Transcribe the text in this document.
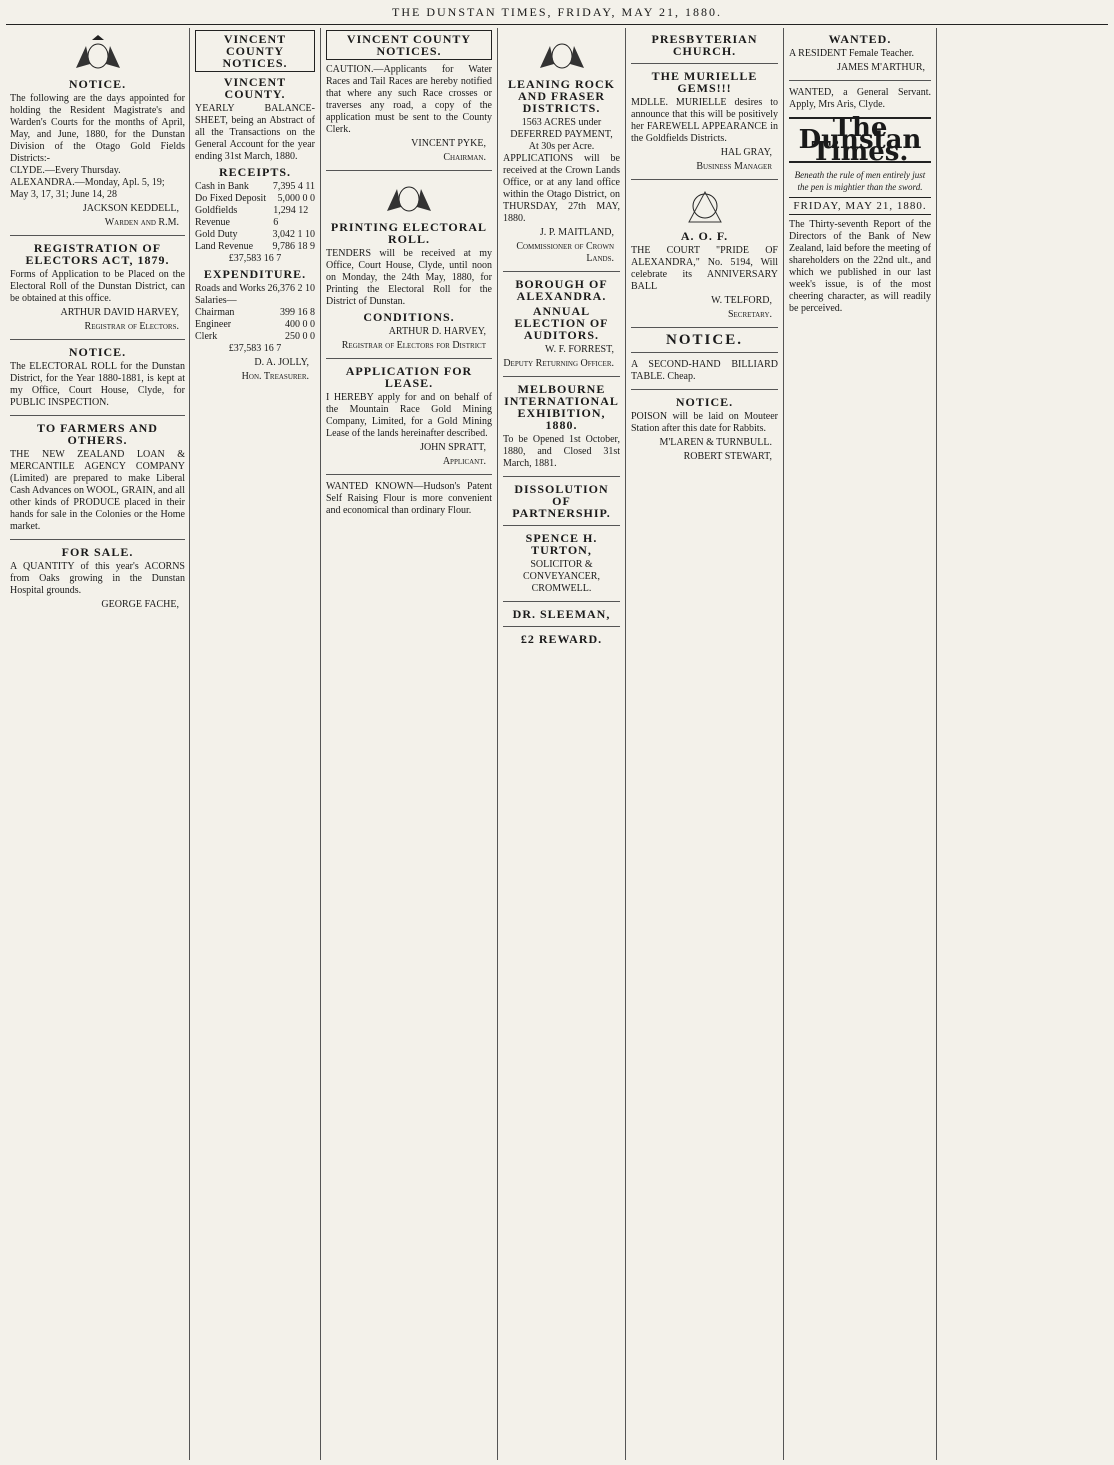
THE DUNSTAN TIMES, FRIDAY, MAY 21, 1880.
NOTICE.
The following are the days appointed for holding the Resident Magistrate's and Warden's Courts for the months of April, May, and June, 1880, for the Dunstan Division of the Otago Gold Fields Districts:-
CLYDE.—Every Thursday.
ALEXANDRA.—Monday, Apl. 5, 19; May 3, 17, 31; June 14, 28
JACKSON KEDDELL,
Warden and R.M.
REGISTRATION OF ELECTORS ACT, 1879.
Forms of Application to be Placed on the Electoral Roll of the Dunstan District, can be obtained at this office.
ARTHUR DAVID HARVEY,
Registrar of Electors.
NOTICE.
The ELECTORAL ROLL for the Dunstan District, for the Year 1880-1881, is kept at my Office, Court House, Clyde, for PUBLIC INSPECTION.
TO FARMERS AND OTHERS.
THE NEW ZEALAND LOAN & MERCANTILE AGENCY COMPANY (Limited) are prepared to make Liberal Cash Advances on WOOL, GRAIN, and all other kinds of PRODUCE placed in their hands for sale in the Colonies or the Home market.
FOR SALE.
A QUANTITY of this year's ACORNS from Oaks growing in the Dunstan Hospital grounds.
GEORGE FACHE,
VINCENT COUNTY NOTICES.
VINCENT COUNTY.
YEARLY BALANCE-SHEET, being an Abstract of all the Transactions on the General Account for the year ending 31st March, 1880.
RECEIPTS.
Cash in Bank 7,395 4 11
Do Fixed Deposit 5,000 0 0
Goldfields Revenue
1,294 12 6
Gold Duty	3,042 1 10
Land Revenue 9,786 18 9
£37,583 16 7
EXPENDITURE.
Roads and Works 26,376 2 10
Salaries—
Chairman	399 16 8
Engineer	400 0 0
Clerk	250 0 0
£37,583 16 7
D. A. JOLLY,
Hon. Treasurer.
VINCENT COUNTY NOTICES.
CAUTION.—Applicants for Water Races and Tail Races are hereby notified that where any such Race crosses or traverses any road, a copy of the application must be sent to the County Clerk.
VINCENT PYKE,
Chairman.
PRINTING ELECTORAL ROLL.
TENDERS will be received at my Office, Court House, Clyde, until noon on Monday, the 24th May, 1880, for Printing the Electoral Roll for the District of Dunstan.
CONDITIONS.
ARTHUR D. HARVEY,
Registrar of Electors for District
APPLICATION FOR LEASE.
I HEREBY apply for and on behalf of the Mountain Race Gold Mining Company, Limited, for a Gold Mining Lease of the lands hereinafter described.
JOHN SPRATT,
Applicant.
WANTED KNOWN—Hudson's Patent Self Raising Flour is more convenient and economical than ordinary Flour.
LEANING ROCK AND FRASER DISTRICTS.
1563 ACRES under DEFERRED PAYMENT,
At 30s per Acre.
APPLICATIONS will be received at the Crown Lands Office, or at any land office within the Otago District, on THURSDAY, 27th MAY, 1880.
J. P. MAITLAND,
Commissioner of Crown Lands.
BOROUGH OF ALEXANDRA.
ANNUAL ELECTION OF AUDITORS.
W. F. FORREST,
Deputy Returning Officer.
MELBOURNE INTERNATIONAL EXHIBITION, 1880.
To be Opened 1st October, 1880, and Closed 31st March, 1881.
DISSOLUTION OF PARTNERSHIP.
SPENCE H. TURTON,
SOLICITOR & CONVEYANCER, CROMWELL.
DR. SLEEMAN,
£2 REWARD.
PRESBYTERIAN CHURCH.
THE MURIELLE GEMS!!!
MDLLE. MURIELLE desires to announce that this will be positively her FAREWELL APPEARANCE in the Goldfields Districts.
HAL GRAY,
Business Manager
A. O. F.
THE COURT "PRIDE OF ALEXANDRA," No. 5194, Will celebrate its ANNIVERSARY BALL
W. TELFORD,
Secretary.
NOTICE.
A SECOND-HAND BILLIARD TABLE. Cheap.
NOTICE.
POISON will be laid on Mouteer Station after this date for Rabbits.
M'LAREN & TURNBULL.
ROBERT STEWART,
WANTED.
A RESIDENT Female Teacher.
JAMES M'ARTHUR,
WANTED, a General Servant. Apply, Mrs Aris, Clyde.
The Dunstan Times.
Beneath the rule of men entirely just the pen is mightier than the sword.
FRIDAY, MAY 21, 1880.
The Thirty-seventh Report of the Directors of the Bank of New Zealand, laid before the meeting of shareholders on the 22nd ult., and which we published in our last week's issue, is of the most cheering character, as will readily be perceived.
